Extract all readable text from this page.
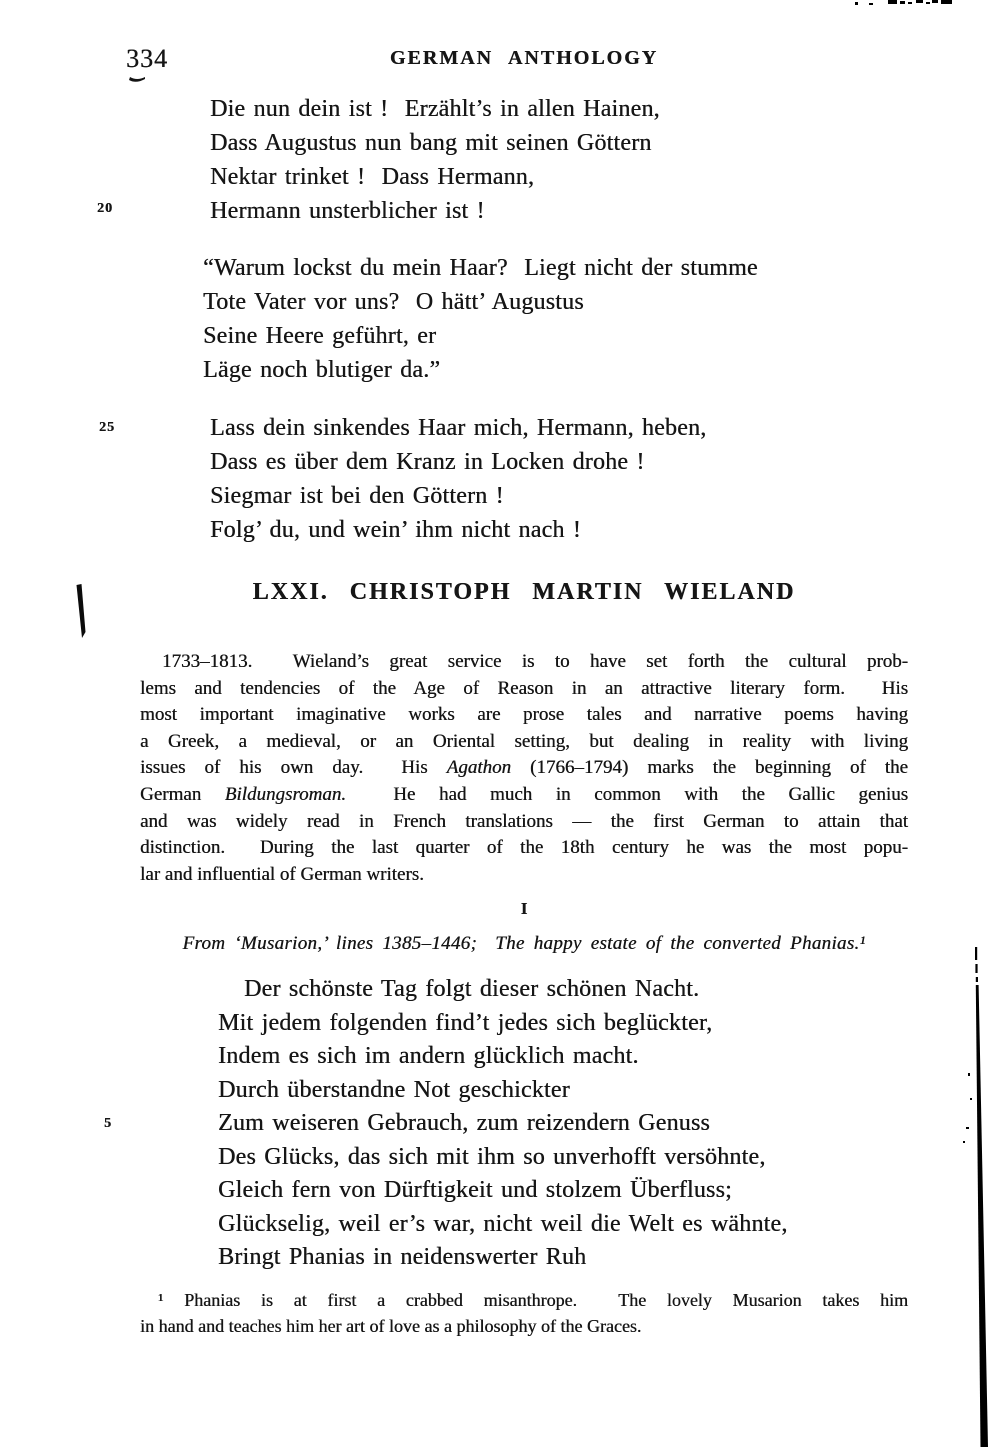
334	GERMAN ANTHOLOGY
Die nun dein ist !  Erzählt’s in allen Hainen,
Dass Augustus nun bang mit seinen Göttern
Nektar trinket !  Dass Hermann,
Hermann unsterblicher ist !
20
“Warum lockst du mein Haar?  Liegt nicht der stumme
Tote Vater vor uns?  O hätt’ Augustus
Seine Heere geführt, er
Läge noch blutiger da.”
Lass dein sinkendes Haar mich, Hermann, heben,
Dass es über dem Kranz in Locken drohe !
Siegmar ist bei den Göttern !
Folg’ du, und wein’ ihm nicht nach !
25
LXXI. CHRISTOPH MARTIN WIELAND
1733–1813.  Wieland’s great service is to have set forth the cultural prob-
lems and tendencies of the Age of Reason in an attractive literary form.  His
most important imaginative works are prose tales and narrative poems having
a Greek, a medieval, or an Oriental setting, but dealing in reality with living
issues of his own day.  His Agathon (1766–1794) marks the beginning of the
German Bildungsroman.  He had much in common with the Gallic genius
and was widely read in French translations — the first German to attain that
distinction.  During the last quarter of the 18th century he was the most popu-
lar and influential of German writers.
I
From ‘Musarion,’ lines 1385–1446;  The happy estate of the converted Phanias.¹
Der schönste Tag folgt dieser schönen Nacht.
Mit jedem folgenden find’t jedes sich beglückter,
Indem es sich im andern glücklich macht.
Durch überstandne Not geschickter
Zum weiseren Gebrauch, zum reizendern Genuss
Des Glücks, das sich mit ihm so unverhofft versöhnte,
Gleich fern von Dürftigkeit und stolzem Überfluss;
Glückselig, weil er’s war, nicht weil die Welt es wähnte,
Bringt Phanias in neidenswerter Ruh
5
¹ Phanias is at first a crabbed misanthrope.  The lovely Musarion takes him
in hand and teaches him her art of love as a philosophy of the Graces.
